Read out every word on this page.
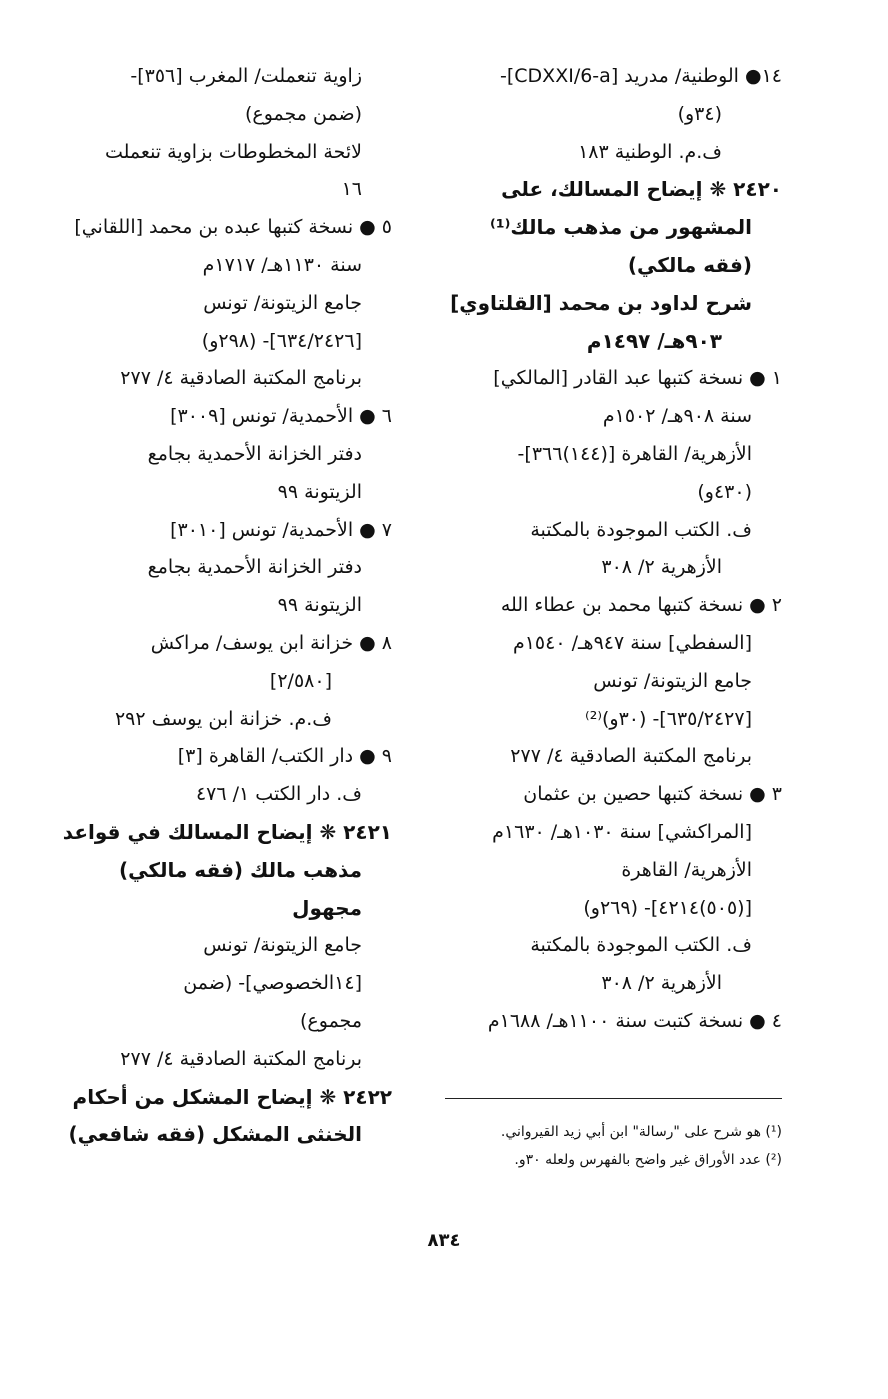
١٤● الوطنية/ مدريد [CDXXI/6-a]-
(٣٤و)
ف.م. الوطنية ١٨٣
٢٤٢٠ ❋ إيضاح المسالك، على
المشهور من مذهب مالك⁽¹⁾
(فقه مالكي)
شرح لداود بن محمد [القلتاوي]
٩٠٣هـ/ ١٤٩٧م
١ ● نسخة كتبها عبد القادر [المالكي]
سنة ٩٠٨هـ/ ١٥٠٢م
الأزهرية/ القاهرة [(١٤٤)٣٦٦]-
(٤٣٠و)
ف. الكتب الموجودة بالمكتبة
الأزهرية ٢/ ٣٠٨
٢ ● نسخة كتبها محمد بن عطاء الله
[السفطي] سنة ٩٤٧هـ/ ١٥٤٠م
جامع الزيتونة/ تونس
[٦٣٥/٢٤٢٧]- (٣٠و)⁽²⁾
برنامج المكتبة الصادقية ٤/ ٢٧٧
٣ ● نسخة كتبها حصين بن عثمان
[المراكشي] سنة ١٠٣٠هـ/ ١٦٣٠م
الأزهرية/ القاهرة
[(٥٠٥)٤٢١٤]- (٢٦٩و)
ف. الكتب الموجودة بالمكتبة
الأزهرية ٢/ ٣٠٨
٤ ● نسخة كتبت سنة ١١٠٠هـ/ ١٦٨٨م
زاوية تنعملت/ المغرب [٣٥٦]-
(ضمن مجموع)
لائحة المخطوطات بزاوية تنعملت
١٦
٥ ● نسخة كتبها عبده بن محمد [اللقاني]
سنة ١١٣٠هـ/ ١٧١٧م
جامع الزيتونة/ تونس
[٦٣٤/٢٤٢٦]- (٢٩٨و)
برنامج المكتبة الصادقية ٤/ ٢٧٧
٦ ● الأحمدية/ تونس [٣٠٠٩]
دفتر الخزانة الأحمدية بجامع
الزيتونة ٩٩
٧ ● الأحمدية/ تونس [٣٠١٠]
دفتر الخزانة الأحمدية بجامع
الزيتونة ٩٩
٨ ● خزانة ابن يوسف/ مراكش
[٢/٥٨٠]
ف.م. خزانة ابن يوسف ٢٩٢
٩ ● دار الكتب/ القاهرة [٣]
ف. دار الكتب ١/ ٤٧٦
٢٤٢١ ❋ إيضاح المسالك في قواعد
مذهب مالك (فقه مالكي)
مجهول
جامع الزيتونة/ تونس
[١٤الخصوصي]- (ضمن
مجموع)
برنامج المكتبة الصادقية ٤/ ٢٧٧
٢٤٢٢ ❋ إيضاح المشكل من أحكام
الخنثى المشكل (فقه شافعي)	(¹) هو شرح على "رسالة" ابن أبي زيد القيرواني.
(²) عدد الأوراق غير واضح بالفهرس ولعله ٣٠و.
٨٣٤
